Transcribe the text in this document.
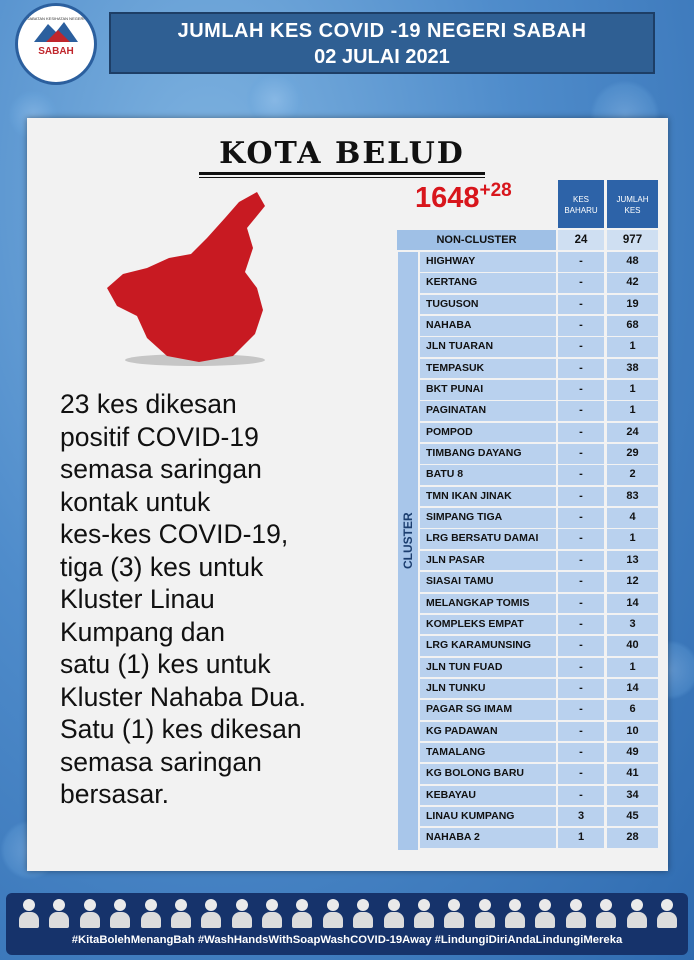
JABATAN KESIHATAN NEGERI
SABAH
JUMLAH KES COVID -19 NEGERI SABAH
02 JULAI 2021
KOTA BELUD
$1648^{+28}$
23 kes dikesan
positif COVID-19
semasa saringan
kontak untuk
kes-kes COVID-19,
tiga (3) kes untuk
Kluster Linau
Kumpang dan
satu (1) kes untuk
Kluster Nahaba Dua.
Satu (1) kes dikesan
semasa saringan
bersasar.
KES
BAHARU
JUMLAH
KES
NON-CLUSTER	24	977
CLUSTER
HIGHWAY	-	48
KERTANG	-	42
TUGUSON	-	19
NAHABA	-	68
JLN TUARAN	-	1
TEMPASUK	-	38
BKT PUNAI	-	1
PAGINATAN	-	1
POMPOD	-	24
TIMBANG DAYANG	-	29
BATU 8	-	2
TMN IKAN JINAK	-	83
SIMPANG TIGA	-	4
LRG BERSATU DAMAI	-	1
JLN PASAR	-	13
SIASAI TAMU	-	12
MELANGKAP TOMIS	-	14
KOMPLEKS EMPAT	-	3
LRG KARAMUNSING	-	40
JLN TUN FUAD	-	1
JLN TUNKU	-	14
PAGAR SG IMAM	-	6
KG PADAWAN	-	10
TAMALANG	-	49
KG BOLONG BARU	-	41
KEBAYAU	-	34
LINAU KUMPANG	3	45
NAHABA 2	1	28
#KitaBolehMenangBah #WashHandsWithSoapWashCOVID-19Away #LindungiDiriAndaLindungiMereka
